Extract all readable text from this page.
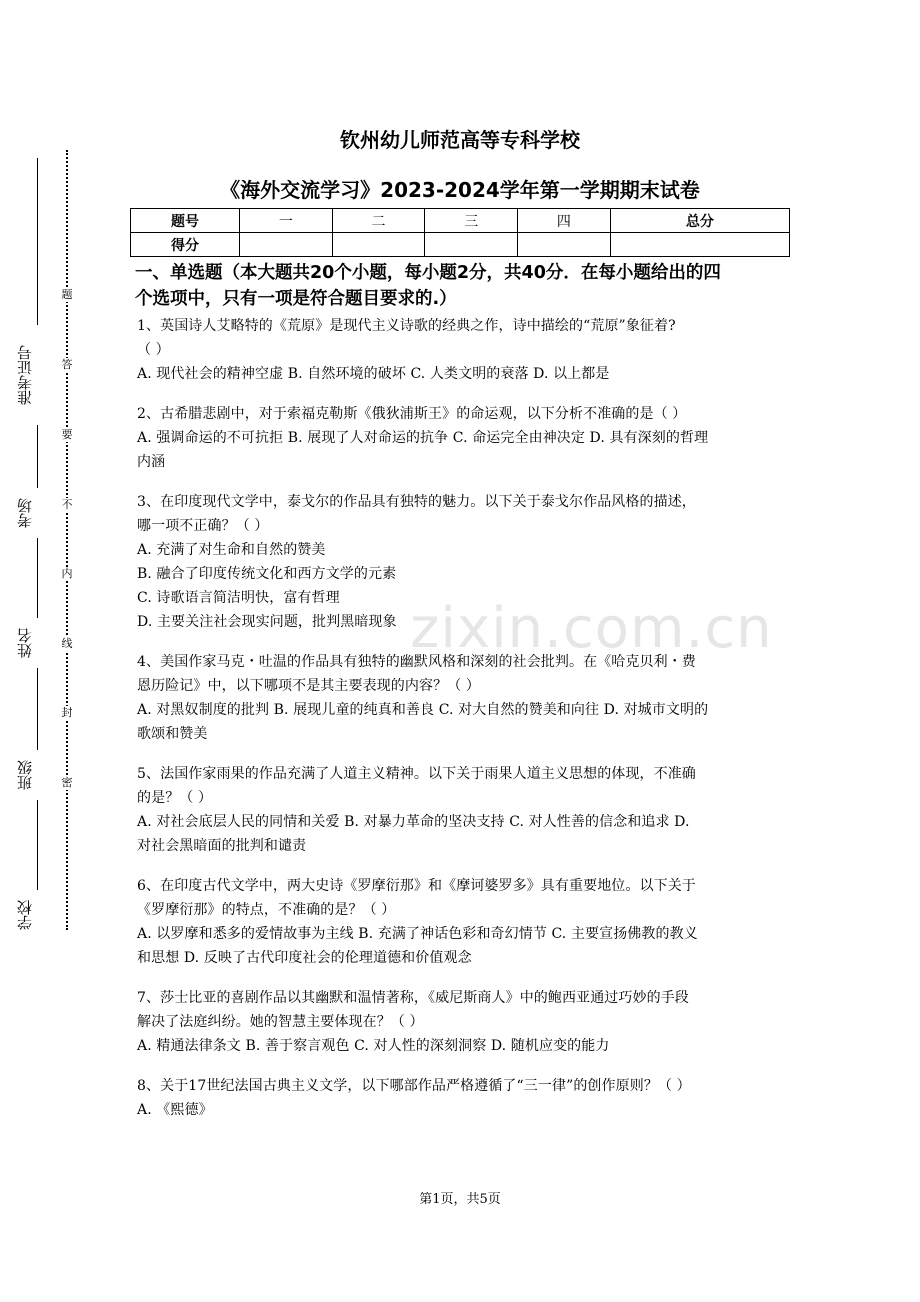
准考证号
考场
姓名
班级
学校
题
答
要
不
内
线
封
密
zixin.com.cn
钦州幼儿师范高等专科学校
《海外交流学习》2023-2024学年第一学期期末试卷
题号	一	二	三	四	总分
得分					
一、单选题（本大题共20个小题，每小题2分，共40分．在每小题给出的四
个选项中，只有一项是符合题目要求的.）
1、英国诗人艾略特的《荒原》是现代主义诗歌的经典之作，诗中描绘的“荒原”象征着?
（ ）
A. 现代社会的精神空虚 B. 自然环境的破坏 C. 人类文明的衰落 D. 以上都是
2、古希腊悲剧中，对于索福克勒斯《俄狄浦斯王》的命运观，以下分析不准确的是（ ）
A. 强调命运的不可抗拒 B. 展现了人对命运的抗争 C. 命运完全由神决定 D. 具有深刻的哲理
内涵
3、在印度现代文学中，泰戈尔的作品具有独特的魅力。以下关于泰戈尔作品风格的描述，
哪一项不正确？（ ）
A. 充满了对生命和自然的赞美
B. 融合了印度传统文化和西方文学的元素
C. 诗歌语言简洁明快，富有哲理
D. 主要关注社会现实问题，批判黑暗现象
4、美国作家马克・吐温的作品具有独特的幽默风格和深刻的社会批判。在《哈克贝利・费
恩历险记》中，以下哪项不是其主要表现的内容？（ ）
A. 对黑奴制度的批判 B. 展现儿童的纯真和善良 C. 对大自然的赞美和向往 D. 对城市文明的
歌颂和赞美
5、法国作家雨果的作品充满了人道主义精神。以下关于雨果人道主义思想的体现，不准确
的是？（ ）
A. 对社会底层人民的同情和关爱 B. 对暴力革命的坚决支持 C. 对人性善的信念和追求 D.
对社会黑暗面的批判和谴责
6、在印度古代文学中，两大史诗《罗摩衍那》和《摩诃婆罗多》具有重要地位。以下关于
《罗摩衍那》的特点，不准确的是？（ ）
A. 以罗摩和悉多的爱情故事为主线 B. 充满了神话色彩和奇幻情节 C. 主要宣扬佛教的教义
和思想 D. 反映了古代印度社会的伦理道德和价值观念
7、莎士比亚的喜剧作品以其幽默和温情著称，《威尼斯商人》中的鲍西亚通过巧妙的手段
解决了法庭纠纷。她的智慧主要体现在？（ ）
A. 精通法律条文 B. 善于察言观色 C. 对人性的深刻洞察 D. 随机应变的能力
8、关于17世纪法国古典主义文学，以下哪部作品严格遵循了“三一律”的创作原则？（ ）
A. 《熙德》
第1页，共5页
